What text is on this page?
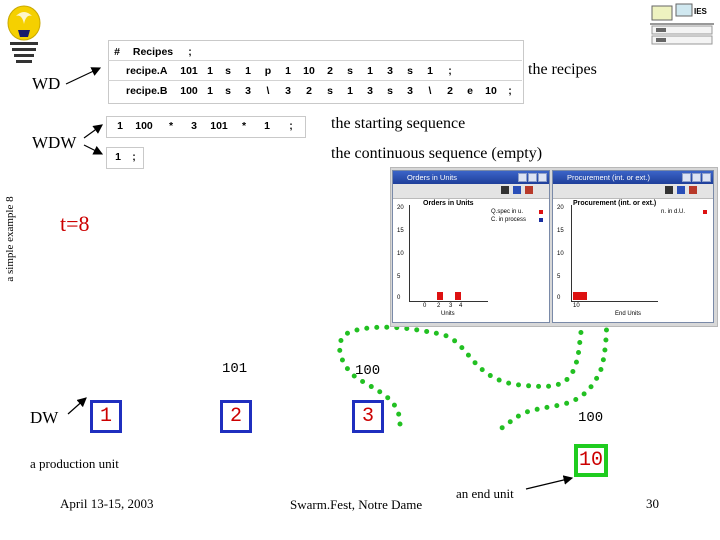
IES
#	Recipes	;
recipe.A	101 1	s	1	p	1	10	2	s	1	3	s	1	;
recipe.B	100 1	s	3	\	3	2	s	1	3	s	3	\	2	e	10	;
1	100	*	3	101	*	1	;
1	;
WD
WDW
the recipes
the starting sequence
the continuous sequence (empty)
a simple example 8 t=8
Orders in Units
Orders in Units
Q.spec in u.
C. in process
20
15
10
5
0
0 2 3 4
Units
Procurement (int. or ext.)
Procurement (int. or ext.)
n. in d.U.
20
15
10
5
0
10
End Units
101	100
100
DW	1	2	3
10
a production unit
an end unit
April 13-15, 2003	Swarm.Fest, Notre Dame	30
